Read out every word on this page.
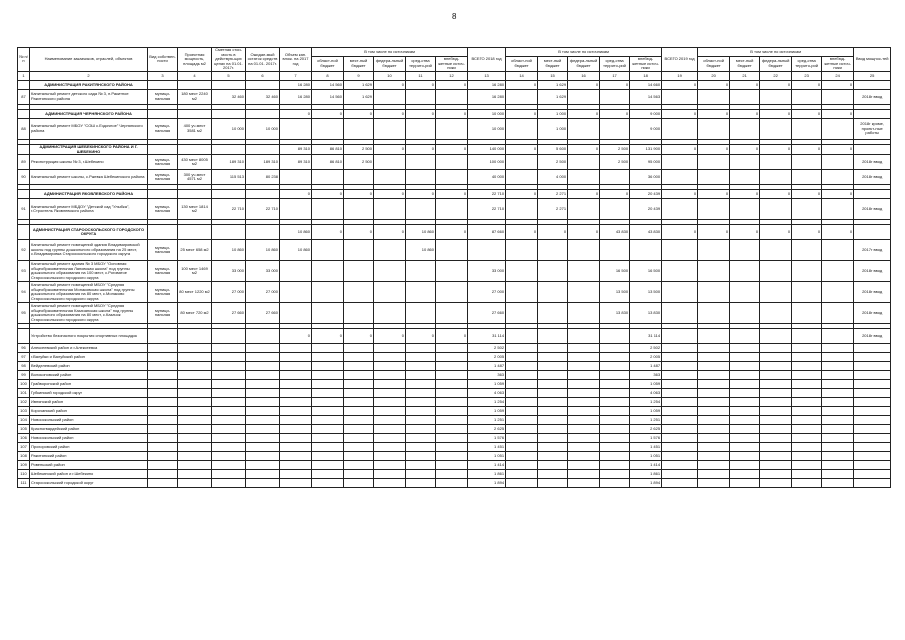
8
№ п/п	Наименование заказчиков, отраслей, объектов	Вид собствен-ности	Проектная мощность, площадь м2	Сметная стои-мость в действую-щих ценах на 01.01. 2017г.	Ожидае-мый остаток средств на 01.01. 2017г.	Объем кап. влож. на 2017 год	В том числе по источникам					ВСЕГО 2018 год	В том числе по источникам					ВСЕГО 2019 год	В том числе по источникам					Ввод мощнос-тей
							област-ной бюджет	мест-ный бюджет	федера-льный бюджет	сред-ства террито-рий	внебюд-жетные источ-ники		област-ной бюджет	мест-ный бюджет	федера-льный бюджет	сред-ства террито-рий	внебюд-жетные источ-ники		област-ной бюджет	мест-ный бюджет	федера-льный бюджет	сред-ства террито-рий	внебюд-жетные источ-ники	
1	2	3	4	5	6	7	8	9	10	11	12	13	14	15	16	17	18	19	20	21	22	23	24	25
	АДМИНИСТРАЦИЯ РАКИТЯНСКОГО РАЙОНА					16 280	14 560	1 629	0	0	0	16 280	0	1 629	0	0	14 660	0	0	0	0	0	0	
87	Капитальный ремонт детского сада № 3, п.Ракитное Ракитянского района	муници-пальная	180 мест 2240 м2	32 460	32 460	16 280	14 560	1 629				16 280		1 629			14 563							2018г ввод

	АДМИНИСТРАЦИЯ ЧЕРНЯНСКОГО РАЙОНА					0	0	0	0	0	0	10 000	0	1 000	0	0	9 000	0	0	0	0	0	0	
88	Капитальный ремонт МБОУ "СОШ с.Ездочное" Чернянского района	муници-пальная	400 уч.мест 3581 м2	10 000	10 000							10 000		1 000			9 000							2018г кроме, проект-ные работы

	АДМИНИСТРАЦИЯ ШЕБЕКИНСКОГО РАЙОНА И Г. ШЕБЕКИНО					89 310	86 810	2 500	0	0	0	140 000	0	5 600	0	2 500	131 900	0	0	0	0	0	0	
89	Реконструкция школы № 3, г.Шебекино	муници-пальная	430 мест 8005 м2	189 310	189 310	89 310	86 810	2 500				100 000		2 500		2 500	95 000							2018г ввод
90	Капитальный ремонт школы, с.Ржевка Шебекинского района	муници-пальная	300 уч.мест 4571 м2	115 513	80 238							40 000		4 000			36 000							2018г ввод

	АДМИНИСТРАЦИЯ ЯКОВЛЕВСКОГО РАЙОНА					0	0	0	0	0	0	22 710	0	2 271	0	0	20 439	0	0	0	0	0	0	
91	Капитальный ремонт МБДОУ "Детский сад "Улыбка", г.Строитель Яковлевского района	муници-пальная	130 мест 1814 м2	22 710	22 710							22 710		2 271			20 439							2018г ввод

	АДМИНИСТРАЦИЯ СТАРООСКОЛЬСКОГО ГОРОДСКОГО ОКРУГА					10 860	0	0	0	10 860	0	87 660	0	0	0	43 830	43 830	0	0	0	0	0	0	
92	Капитальный ремонт помещений здания Владимировской школы под группы дошкольного образования на 25 мест, с.Владимировка Старооскольского городского округа	муници-пальная	25 мест 658 м2	10 860	10 860	10 860				10 860														2017г ввод
93	Капитальный ремонт здания № 3 МБОУ "Основная общеобразовательная Лаповская школа" под группы дошкольного образования на 100 мест, с.Роговатое Старооскольского городского округа	муници-пальная	100 мест 1469 м2	33 000	33 000							33 000				16 500	16 500							2018г ввод
94	Капитальный ремонт помещений МБОУ "Средняя общеобразовательная Монаковская школа" под группы дошкольного образования на 80 мест, с.Монаково Старооскольского городского округа	муници-пальная	80 мест 1220 м2	27 000	27 000							27 000				13 500	13 500							2018г ввод
95	Капитальный ремонт помещений МБОУ "Средняя общеобразовательная Казачанская школа" под группы дошкольного образования на 80 мест, с.Казачок Старооскольского городского округа	муници-пальная	80 мест 720 м2	27 660	27 660							27 660				13 830	13 830							2018г ввод

	Устройство безопасного покрытия спортивных площадок					0	0	0	0	0	0	31 114					31 114							2018г ввод
96	Алексеевский район и г.Алексеевка											2 502					2 502							
97	г.Валуйки и Валуйский район											2 005					2 005							
98	Вейделевский район											1 487					1 487							
99	Волоконовский район											363					363							
100	Грайворонский район											1 059					1 059							
101	Губкинский городской округ											4 063					4 063							
102	Ивнянский район											1 254					1 254							
103	Корочанский район											1 059					1 059							
104	Новооскольский район											1 251					1 251							
105	Красногвардейский район											2 625					2 625							
106	Новооскольский район											1 576					1 576							
107	Прохоровский район											1 451					1 451							
108	Ракитянский район											1 051					1 051							
109	Ровеньский район											1 414					1 414							
110	Шебекинский район и г.Шебекино											1 861					1 861							
111	Старооскольский городской округ											1 894					1 894							
